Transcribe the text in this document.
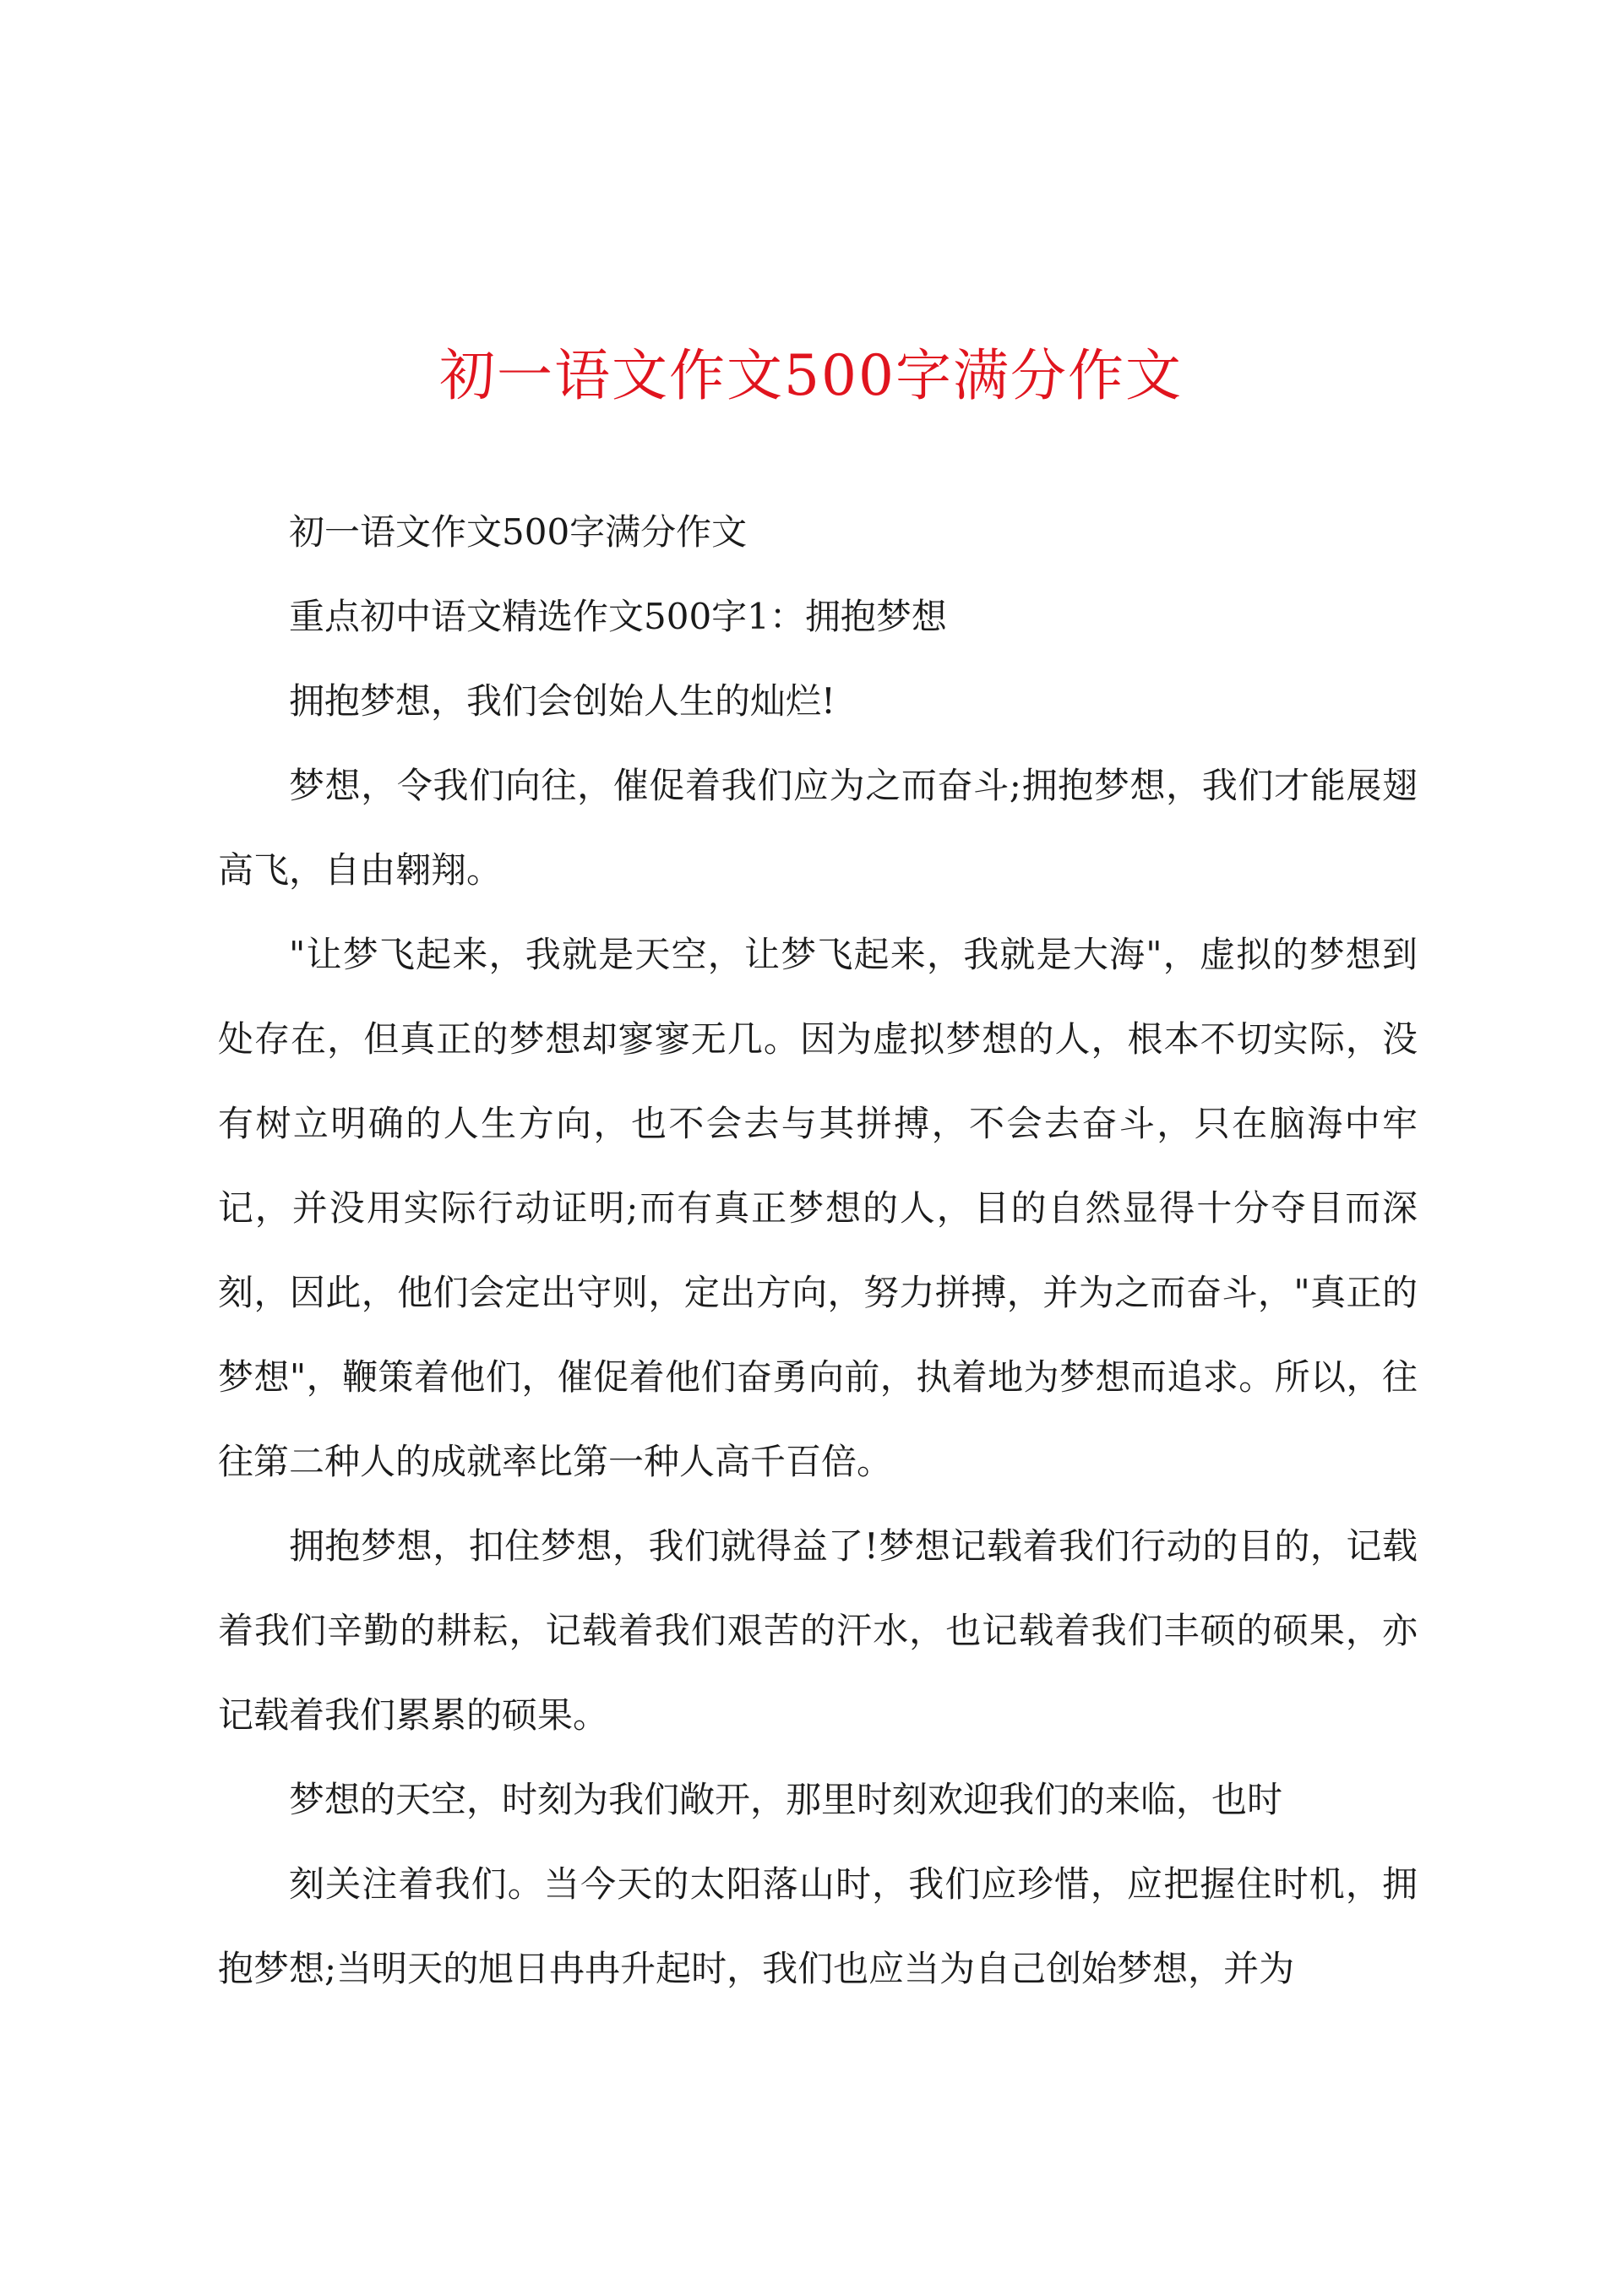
初一语文作文500字满分作文

初一语文作文500字满分作文

重点初中语文精选作文500字1：拥抱梦想

拥抱梦想，我们会创始人生的灿烂!

梦想，令我们向往，催促着我们应为之而奋斗;拥抱梦想，我们才能展翅高飞，自由翱翔。

"让梦飞起来，我就是天空，让梦飞起来，我就是大海"，虚拟的梦想到处存在，但真正的梦想却寥寥无几。因为虚拟梦想的人，根本不切实际，没有树立明确的人生方向，也不会去与其拼搏，不会去奋斗，只在脑海中牢记，并没用实际行动证明;而有真正梦想的人，目的自然显得十分夺目而深刻，因此，他们会定出守则，定出方向，努力拼搏，并为之而奋斗，"真正的梦想"，鞭策着他们，催促着他们奋勇向前，执着地为梦想而追求。所以，往往第二种人的成就率比第一种人高千百倍。

拥抱梦想，扣住梦想，我们就得益了!梦想记载着我们行动的目的，记载着我们辛勤的耕耘，记载着我们艰苦的汗水，也记载着我们丰硕的硕果，亦记载着我们累累的硕果。

梦想的天空，时刻为我们敞开，那里时刻欢迎我们的来临，也时

刻关注着我们。当今天的太阳落山时，我们应珍惜，应把握住时机，拥抱梦想;当明天的旭日冉冉升起时，我们也应当为自己创始梦想，并为
